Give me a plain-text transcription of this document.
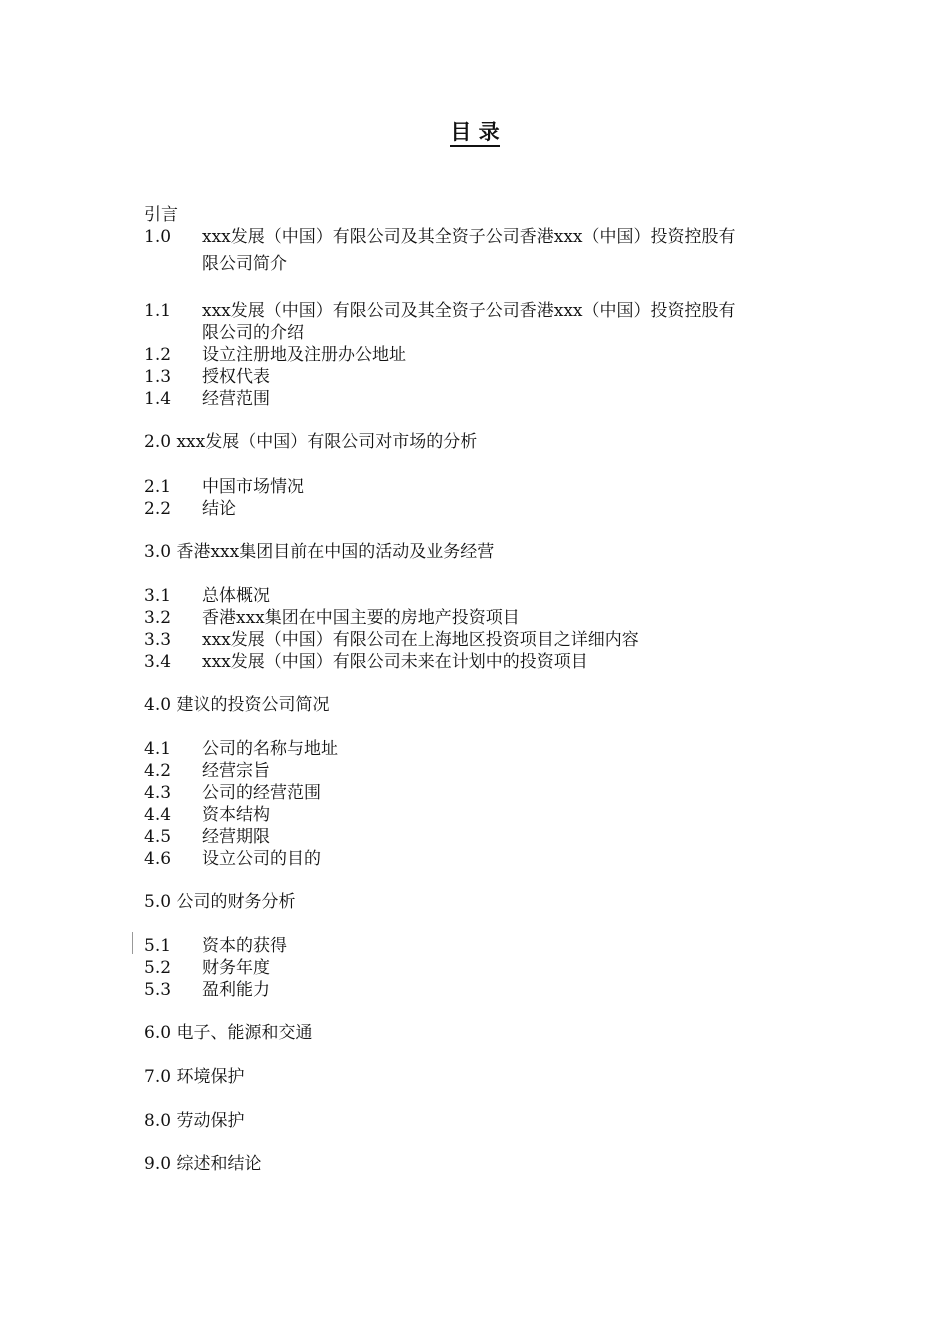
目 录
引言
1.0 xxx发展（中国）有限公司及其全资子公司香港xxx（中国）投资控股有
限公司简介
1.1 xxx发展（中国）有限公司及其全资子公司香港xxx（中国）投资控股有
限公司的介绍
1.2 设立注册地及注册办公地址
1.3 授权代表
1.4 经营范围
2.0 xxx发展（中国）有限公司对市场的分析
2.1 中国市场情况
2.2 结论
3.0 香港xxx集团目前在中国的活动及业务经营
3.1 总体概况
3.2 香港xxx集团在中国主要的房地产投资项目
3.3 xxx发展（中国）有限公司在上海地区投资项目之详细内容
3.4 xxx发展（中国）有限公司未来在计划中的投资项目
4.0 建议的投资公司简况
4.1 公司的名称与地址
4.2 经营宗旨
4.3 公司的经营范围
4.4 资本结构
4.5 经营期限
4.6 设立公司的目的
5.0 公司的财务分析
5.1 资本的获得
5.2 财务年度
5.3 盈利能力
6.0 电子、能源和交通
7.0 环境保护
8.0 劳动保护
9.0 综述和结论
